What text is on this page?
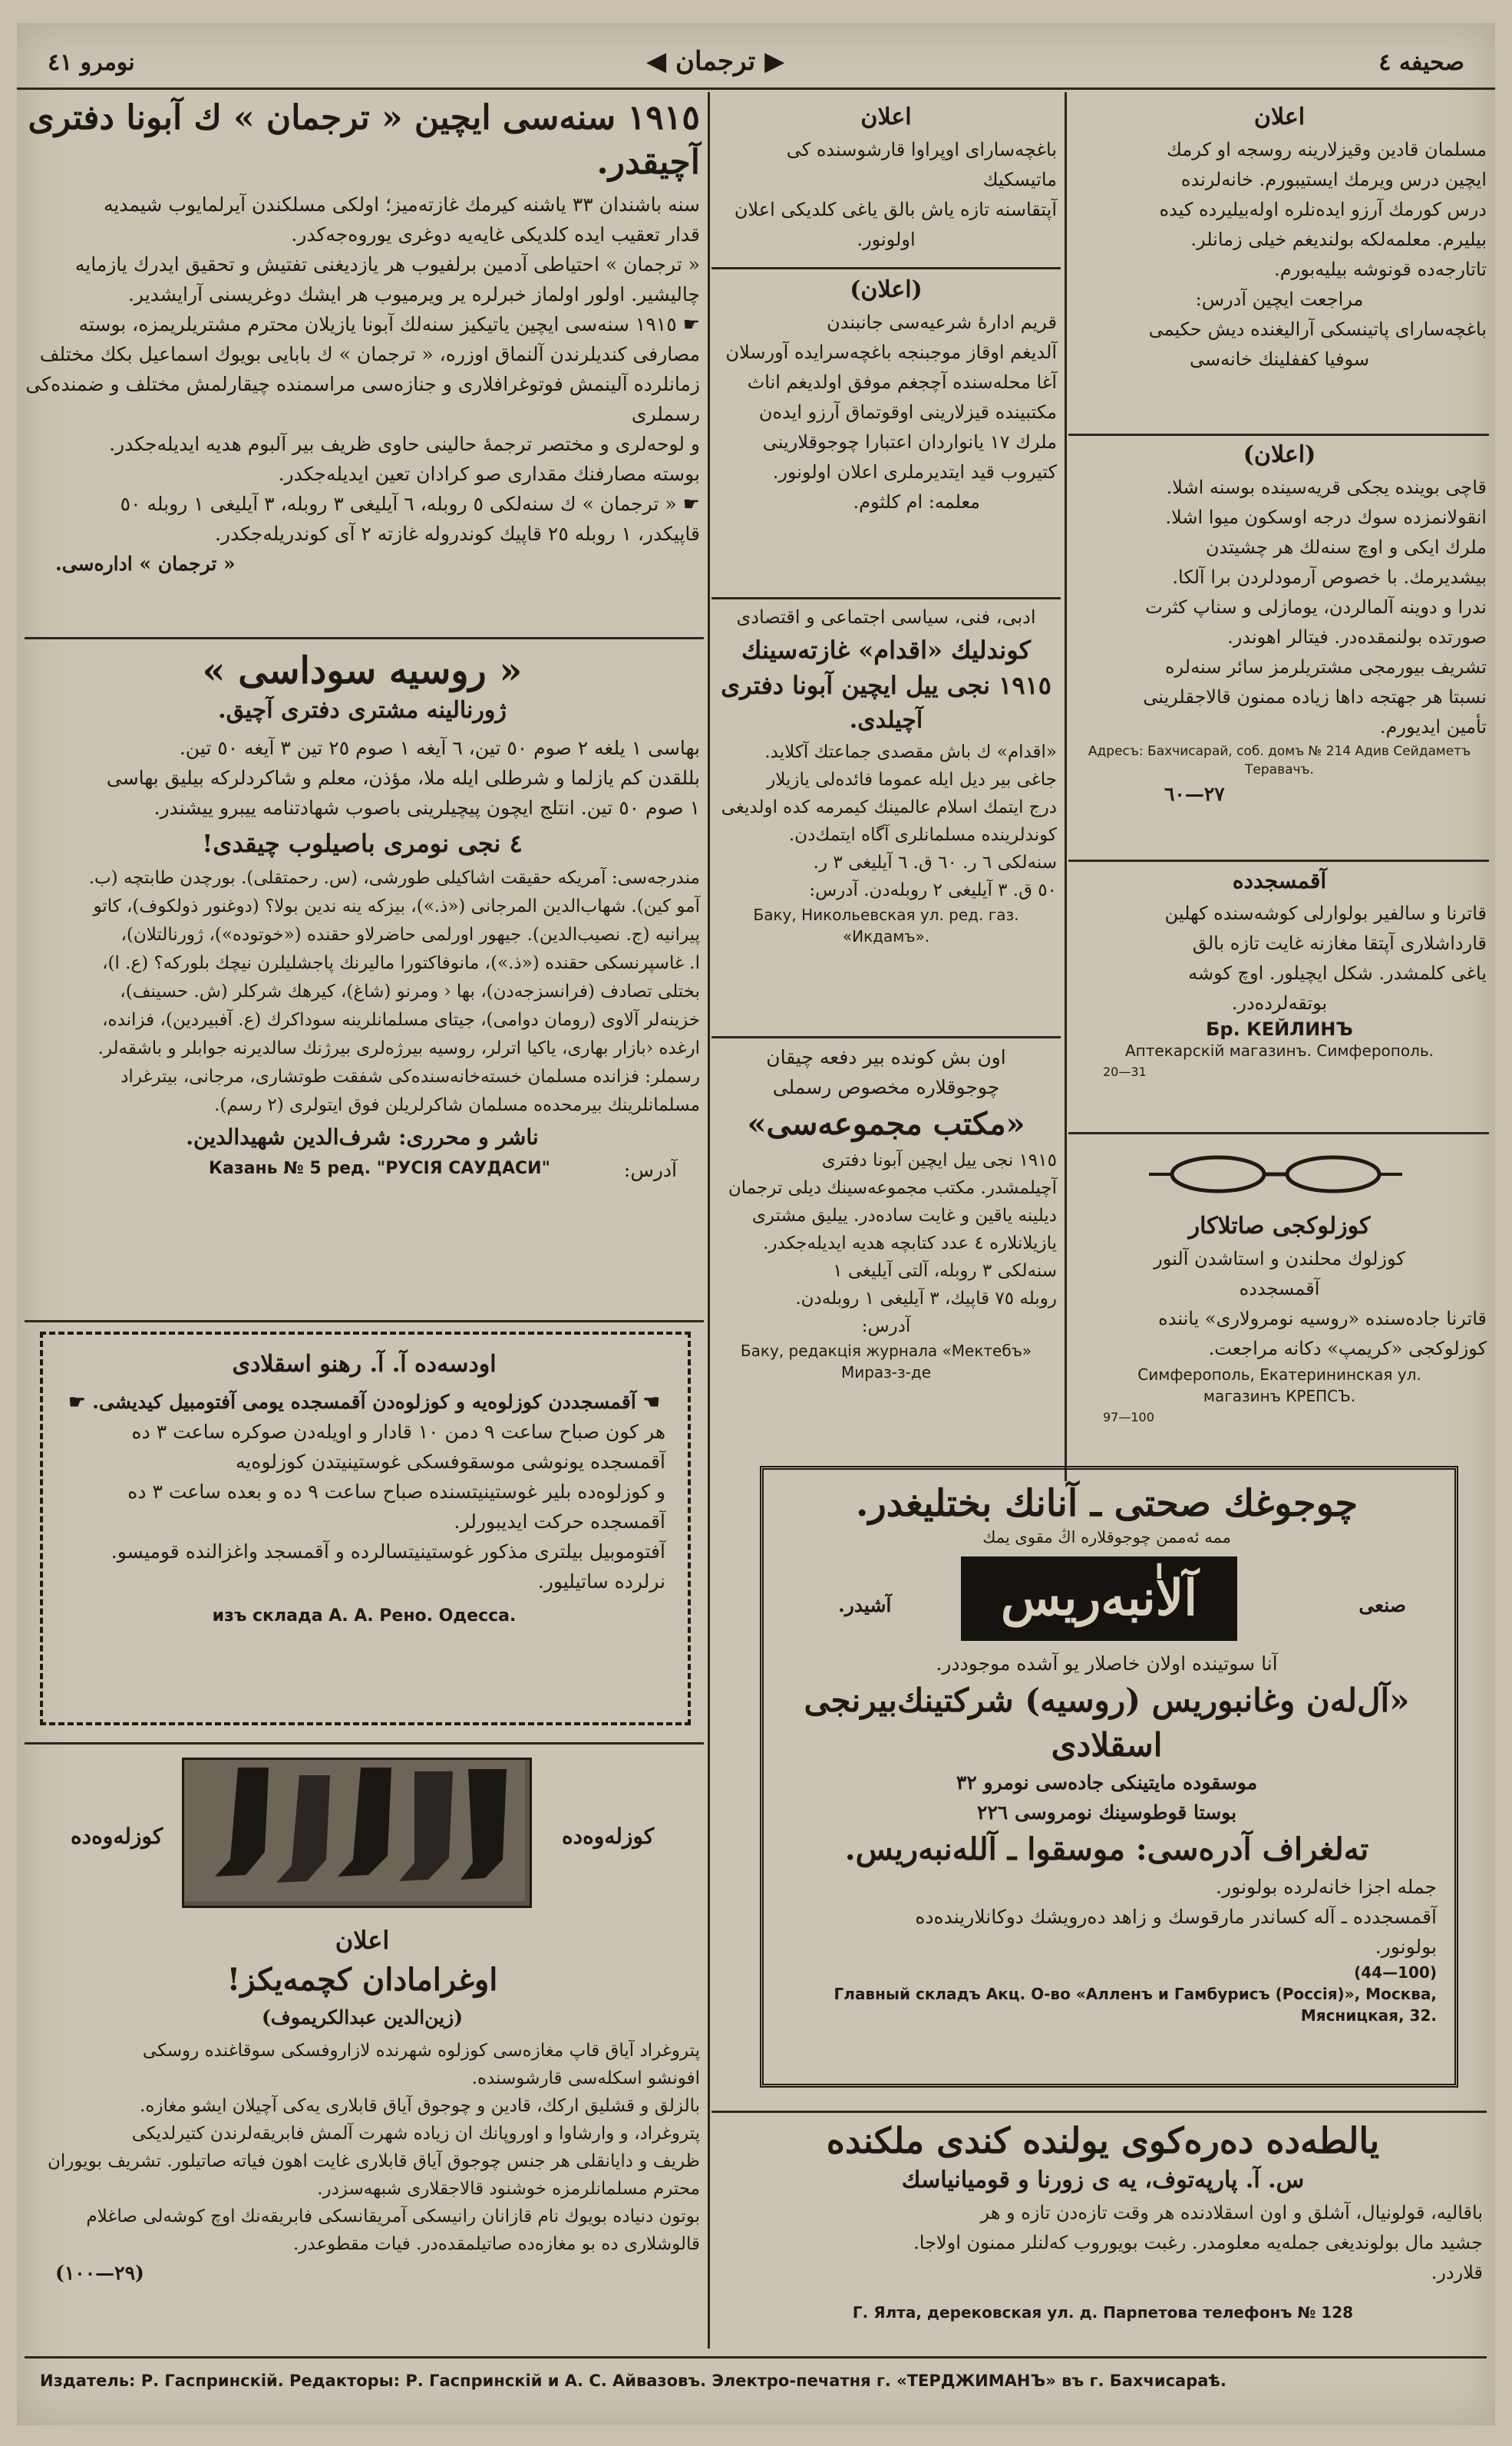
نومرو ٤١	◀ ترجمان ▶	صحيفه ٤
١٩١٥ سنه‌سی ایچین « ترجمان » ك آبونا دفتری آچیقدر.
سنه باشندان ٣٣ یاشنه کیرمك غازته‌میز؛ اولکی مسلکندن آیرلمایوب شیمدیه
قدار تعقیب ایده کلدیکی غایه‌یه دوغری یوروه‌جه‌کدر.
« ترجمان » احتیاطی آدمین برلفیوب هر یازدیغنی تفتیش و تحقیق ایدرك یازمایه
چالیشیر. اولور اولماز خبرلره یر ویرمیوب هر ایشك دوغریسنی آرایشدیر.
☛ ١٩١٥ سنه‌سی ایچین یاتیکیز سنه‌لك آبونا یازیلان محترم مشتریلریمزه، بوسته
مصارفی کندیلرندن آلنماق اوزره، « ترجمان » ك بابایی بویوك اسماعیل بکك مختلف
زمانلرده آلینمش فوتوغرافلاری و جنازه‌سی مراسمنده چیقارلمش مختلف و ضمنده‌کی رسملری
و لوحه‌لری و مختصر ترجمهٔ حالینی حاوی ظریف بیر آلبوم هدیه ایدیله‌جکدر.
بوسته مصارفنك مقداری صو کرادان تعین ایدیله‌جکدر.
☛ « ترجمان » ك سنه‌لکی ٥ روبله، ٦ آیلیغی ٣ روبله، ٣ آیلیغی ١ روبله ٥٠
قاپیکدر، ١ روبله ٢٥ قاپیك کوندروله غازته ٢ آی کوندریله‌جکدر.
« ترجمان » اداره‌سی.
« روسیه سوداسی »
ژورنالینه مشتری دفتری آچیق.
بهاسی ١ یلغه ٢ صوم ٥٠ تین، ٦ آیغه ١ صوم ٢٥ تین ٣ آیغه ٥٠ تین.
بللقدن کم یازلما و شرطلی ایله ملا، مؤذن، معلم و شاکردلرکه بیلیق بهاسی
١ صوم ٥٠ تین. انتلج ایچون پیچیلرینی باصوب شهادتنامه ییبرو ییشندر.
٤ نجی نومری باصیلوب چیقدی!
مندرجه‌سی: آمریکه حقیقت اشاکیلی طورشی، (س. رحمتقلی). بورچدن طابتچه (ب.
آمو کین). شهاب‌الدین المرجانی («ذ.»)، بیزکه ینه ندین بولا؟ (دوغنور ذولکوف)، کاتو
پیرانیه (ج. نصیب‌الدین). جیهور اورلمی حاضرلاو حقنده («خوتوده»)، ژورنالتلان)،
ا. غاسپرنسکی حقنده («ذ.»)، مانوفاکتورا مالیرنك پاجشلیلرن نیچك بلورکه؟ (ع. ا)،
بختلی تصادف (فرانسزجه‌دن)، بها ‹ ومرنو (شاغ)، کیرهك شرکلر (ش. حسینف)،
خزینه‌لر آلاوی (رومان دوامی)، جیتای مسلمانلرینه سوداکرك (ع. آفبیردین)، فزانده،
ارغده ‹بازار بهاری، یاکیا اترلر، روسیه بیرژه‌لری بیرژنك سالدیرنه جوابلر و باشقه‌لر.
رسملر: فزانده مسلمان خسته‌خانه‌سنده‌کی شفقت طوتشاری، مرجانی، بیترغراد
مسلمانلرینك بیرمحده‌ه مسلمان شاکرلریلن فوق ایتولری (٢ رسم).
ناشر و محرری: شرف‌الدین شهیدالدین.
آدرس:
Казань № 5 ред. "РУСІЯ САУДАСИ"
اودسه‌ده آ. آ. رهنو اسقلادی
☚ آقمسجددن کوزلوه‌یه و کوزلوه‌دن آقمسجده یومی آفتومبیل کیدیشی. ☛
هر کون صباح ساعت ٩ دمن ١٠ قادار و اویله‌دن صوکره ساعت ٣ ده
آقمسجده یونوشی موسقوفسکی غوستینیتدن کوزلوه‌یه
و کوزلوه‌ده بلیر غوستینیتسنده صباح ساعت ٩ ده و بعده ساعت ٣ ده
آقمسجده حرکت ایدیبورلر.
آفتوموبیل بیلتری مذکور غوستینیتسالرده و آقمسجد واغزالنده قومیسو.
نرلرده ساتیلیور.
изъ склада А. А. Рено. Одесса.
کوزله‌وه‌ده	کوزله‌وه‌ده
اعلان
اوغرامادان کچمه‌یکز!
(زین‌الدین عبدالکریموف)
پتروغراد آیاق قاپ مغازه‌سی کوزلوه شهرنده لازاروفسکی سوقاغنده روسکی
افونشو اسکله‌سی قارشوسنده.
بالزلق و قشلیق ارکك، قادین و چوجوق آیاق قابلاری یه‌کی آچیلان ایشو مغازه.
پتروغراد، و وارشاوا و اوروپانك ان زیاده شهرت آلمش فابریقه‌لرندن کتیرلدیکی
ظریف و دایانقلی هر جنس چوجوق آیاق قابلاری غایت اهون فیاته صاتیلور. تشریف بویوران
محترم مسلمانلرمزه خوشنود قالاجقلاری شبهه‌سزدر.
بوتون دنیاده بویوك نام قازانان رانیسکی آمریقانسکی فابریقه‌نك اوچ کوشه‌لی صاغلام
قالوشلاری ده بو مغازه‌ده صاتیلمقده‌در. فیات مقطوعدر.
(٢٩—١٠٠)
اعلان
باغچه‌سارای اوپراوا قارشوسنده کی ماتیسکیك
آپتقاسنه تازه یاش بالق یاغی کلدیکی اعلان
اولونور.
(اعلان)
قریم ادارهٔ شرعیه‌سی جانبندن
آلدیغم اوقاز موجبنجه باغچه‌سرایده آورسلان
آغا محله‌سنده آچجغم موفق اولدیغم اناث
مکتبینده قیزلارینی اوقوتماق آرزو ایده‌ن
ملرك ١٧ یانواردان اعتبارا چوجوقلارینی
کتیروب قید ایتدیرملری اعلان اولونور.
معلمه: ام کلثوم.
ادبی، فنی، سیاسی اجتماعی و اقتصادی
کوندلیك «اقدام» غازته‌سینك
١٩١٥ نجی ییل ایچین آبونا دفتری
آچیلدی.
«اقدام» ك باش مقصدی جماعتك آکلاید.
جاغی بیر دیل ایله عموما فائده‌لی یازیلار
درج ایتمك اسلام عالمینك کیمرمه کده اولدیغی
کوندلرینده مسلمانلری آگاه ایتمك‌دن.
سنه‌لکی ٦ ر. ٦٠ ق. ٦ آیلیغی ٣ ر.
٥٠ ق. ٣ آیلیغی ٢ روبله‌دن. آدرس:
Баку, Никольевская ул. ред. газ.
«Икдамъ».
اون بش کونده بیر دفعه چیقان
چوجوقلاره مخصوص رسملی
«مکتب مجموعه‌سی»
١٩١٥ نجی ییل ایچین آبونا دفتری
آچیلمشدر. مکتب مجموعه‌سینك دیلی ترجمان
دیلینه یاقین و غایت ساده‌در. ییلیق مشتری
یازیلانلاره ٤ عدد کتابچه هدیه ایدیله‌جکدر.
سنه‌لکی ٣ روبله، آلتی آیلیغی ١
روبله ٧٥ قاپیك، ٣ آیلیغی ١ روبله‌دن.
آدرس:
Баку, редакція журнала «Мектебъ»
Мираз-з-де
اعلان
مسلمان قادین وقیزلارینه روسجه او کرمك
ایچین درس ویرمك ایستیبورم. خانه‌لرنده
درس کورمك آرزو ایده‌نلره اوله‌بیلیرده کیده
بیلیرم. معلمه‌لکه بولندیغم خیلی زمانلر.
تاتارجه‌ده قونوشه بیلیه‌بورم.
مراجعت ایچین آدرس:
باغچه‌سارای پاتینسکی آرالیغنده دیش حکیمی
سوفیا کففلینك خانه‌سی
(اعلان)
قاچی بوینده یجکی قریه‌سینده بوسنه اشلا.
انقولانمزده سوك درجه اوسکون میوا اشلا.
ملرك ایکی و اوچ سنه‌لك هر چشیتدن
بیشدیرمك. با خصوص آرمودلردن برا آلکا.
ندرا و دوینه آلمالردن، یومازلی و سناپ کثرت
صورتده بولنمقده‌در. فیتالر اهوندر.
تشریف بیورمجی مشتریلرمز سائر سنه‌لره
نسبتا هر جهتجه داها زیاده ممنون قالاجقلرینی
تأمین ایدیورم.
Адресъ: Бахчисарай, соб. домъ № 214 Адив Сейдаметъ Теравачъ.
٢٧—٦٠
آقمسجدده
قاترنا و سالفیر بولوارلی کوشه‌سنده کهلین
قارداشلاری آپتقا مغازنه غایت تازه بالق
یاغی کلمشدر. شکل ایچیلور. اوچ کوشه
بوتقه‌لرده‌در.
Бр. КЕЙЛИНЪ
Аптекарскій магазинъ. Симферополь.
20—31
کوزلوکجی صاتلاکار
کوزلوك محلندن و استاشدن آلنور
آقمسجدده
قاترنا جاده‌سنده «روسیه نومرولاری» یاننده
کوزلوکجی «کریمپ» دکانه مراجعت.
Симферополь, Екатерининская ул.
магазинъ КРЕПСЪ.
97—100
چوجوغك صحتی ـ آنانك بختلیغدر.
ممه ئەممن چوجوقلاره اڭ مقوی یمك
صنعی
آلاٰنبەریس
آشیدر.
آنا سوتیندە اولان خاصلار یو آشده موجوددر.
«آل‌لەن وغانبوریس (روسیه) شرکتینك‌بیرنجی
اسقلادی
موسقوده مایتینکی جاده‌سی نومرو ٣٢
بوستا قوطوسینك نومرو‌سی ٢٢٦
تەلغراف آدره‌سی: موسقوا ـ آللەنبەریس.
جمله اجزا خانه‌لرده بولونور.
آقمسجدده ـ آله کساندر مارقوسك و زاهد ده‌رویشك دوکانلاریندەده
بولونور.
(44—100)
Главный складъ Акц. О-во «Алленъ и Гамбурисъ (Россія)», Москва,
Мясницкая, 32.
یالطه‌ده دەرەکوی یولنده کندی ملکنده
س. آ. پارپه‌توف، یه ی زورنا و قوميانياسك
باقالیه، قولونیال، آشلق و اون اسقلادنده هر وقت تازەدن تازه و هر
جشید مال بولوندیغی جمله‌یه معلومدر. رغبت بویوروب کەلنلر ممنون اولاجا.
قلاردر.
Г. Ялта, дерековская ул. д. Парпетова телефонъ № 128
Издатель: Р. Гаспринскій. Редакторы: Р. Гаспринскій и А. С. Айвазовъ. Электро-печатня г. «ТЕРДЖИМАНЪ» въ г. Бахчисараѣ.
